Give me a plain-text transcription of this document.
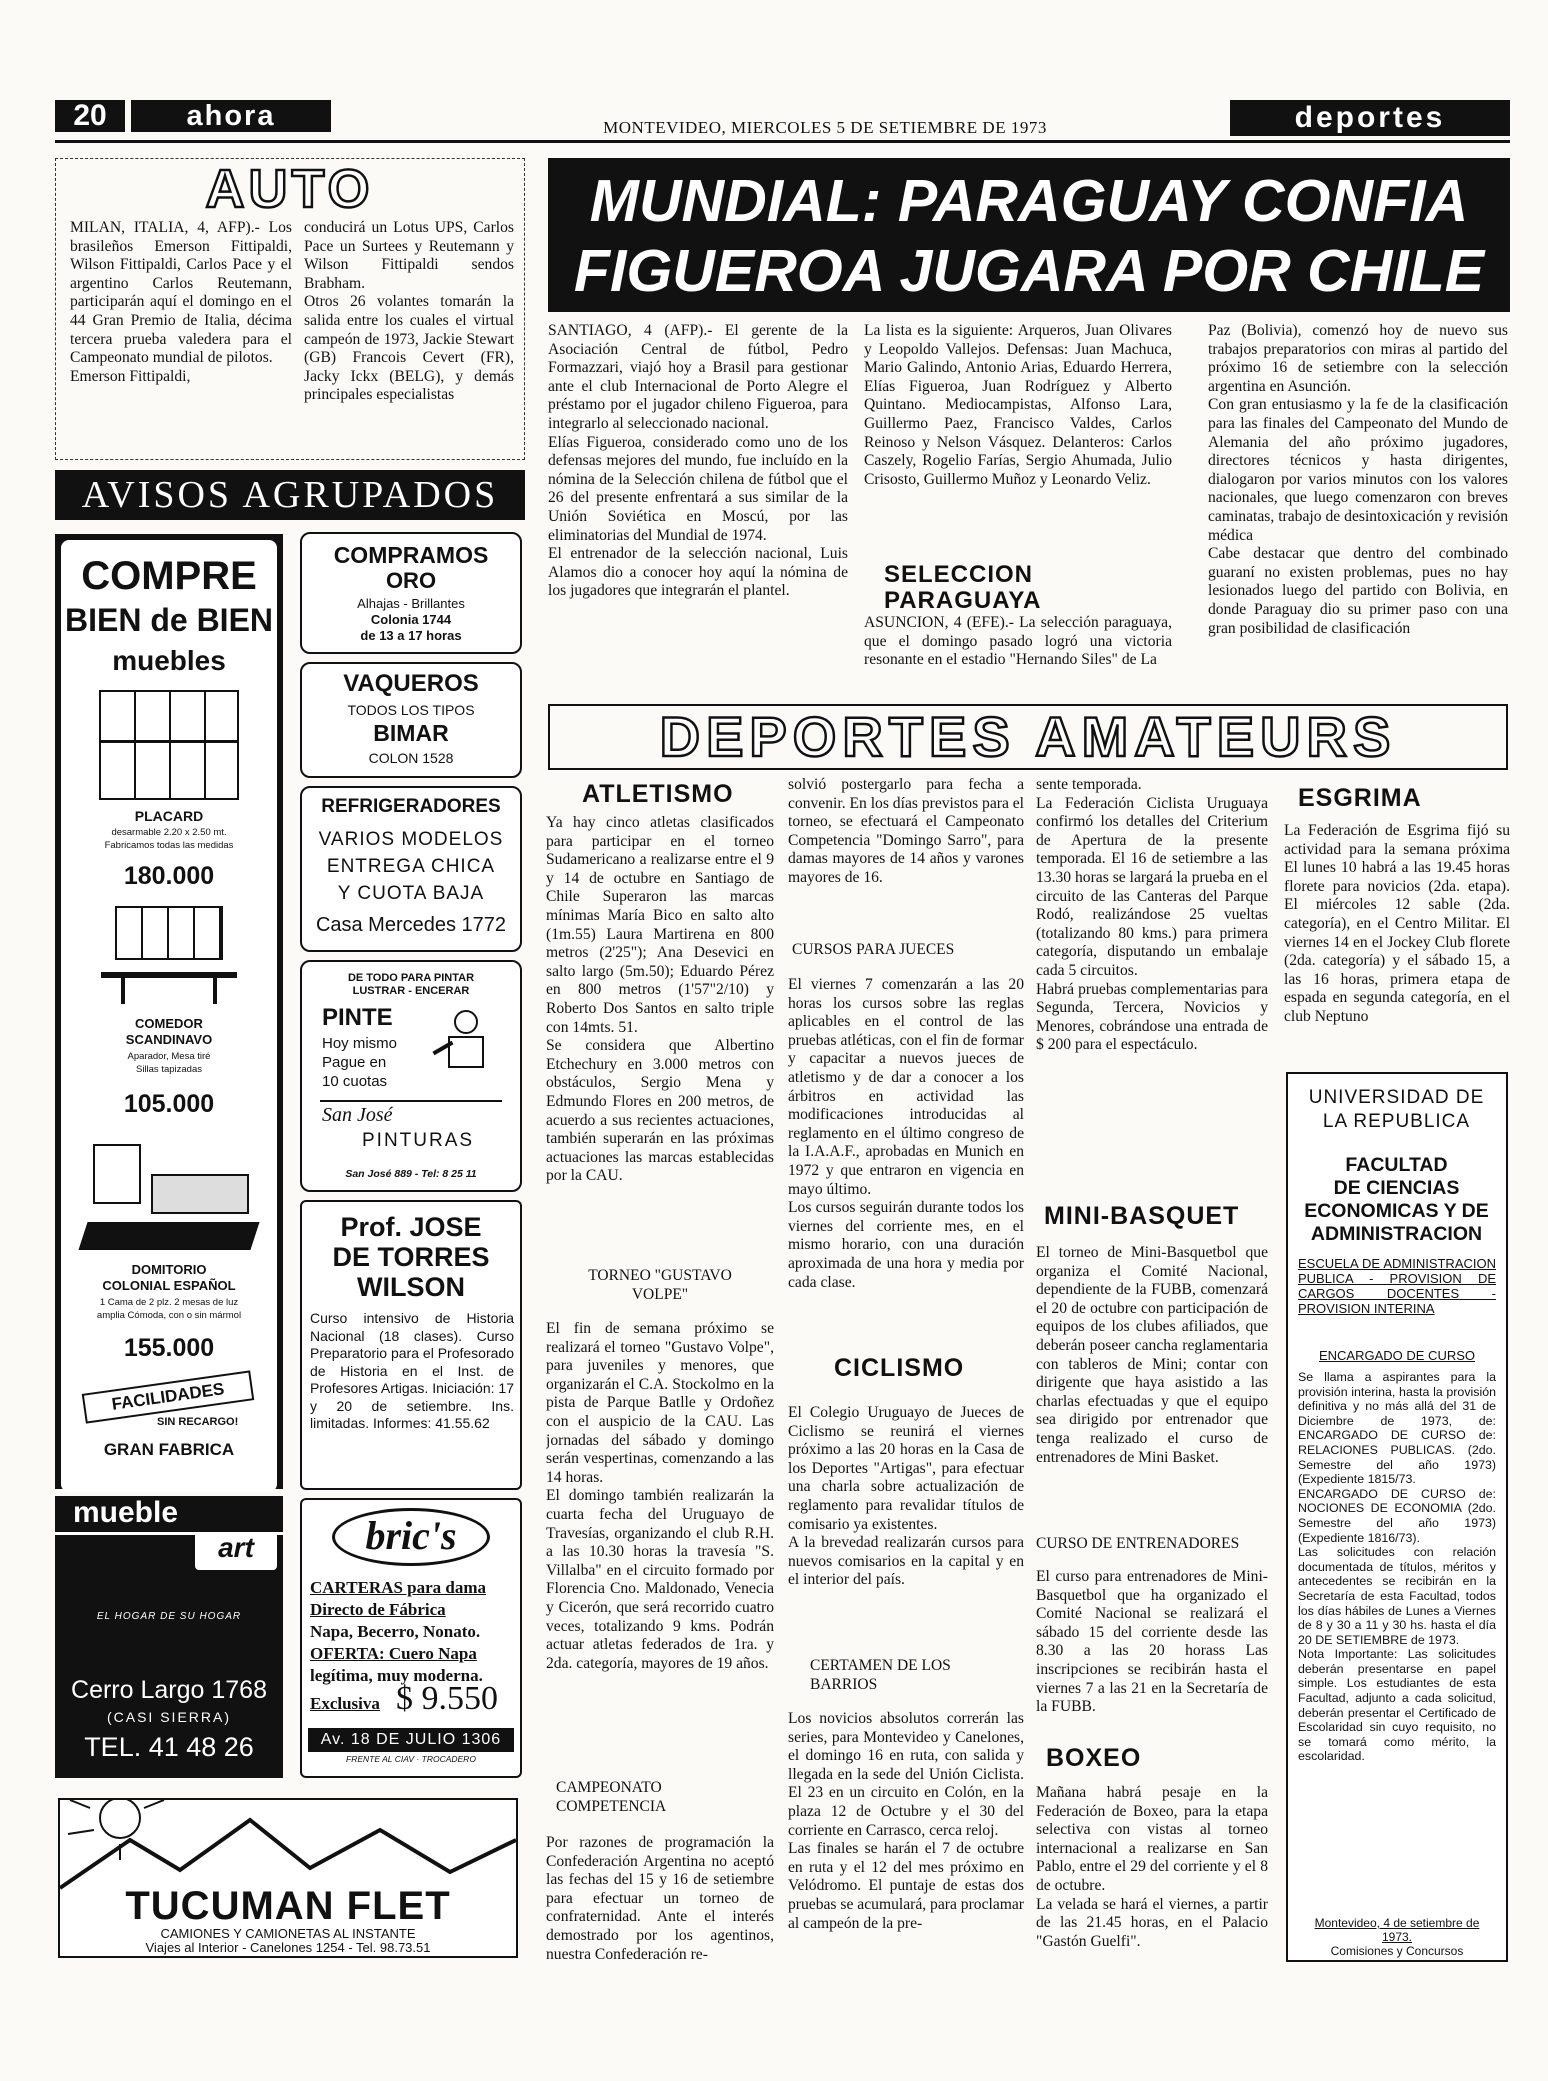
20	ahora	MONTEVIDEO, MIERCOLES 5 DE SETIEMBRE DE 1973	deportes
AUTO
MILAN, ITALIA, 4, AFP).- Los brasileños Emerson Fittipaldi, Wilson Fittipaldi, Carlos Pace y el argentino Carlos Reutemann, participarán aquí el domingo en el 44 Gran Premio de Italia, décima tercera prueba valedera para el Campeonato mundial de pilotos.
Emerson Fittipaldi,
conducirá un Lotus UPS, Carlos Pace un Surtees y Reutemann y Wilson Fittipaldi sendos Brabham.
Otros 26 volantes tomarán la salida entre los cuales el virtual campeón de 1973, Jackie Stewart (GB) Francois Cevert (FR), Jacky Ickx (BELG), y demás principales especialistas
AVISOS AGRUPADOS
COMPRE
BIEN de BIEN
muebles
PLACARD
desarmable 2.20 x 2.50 mt.
Fabricamos todas las medidas
180.000
COMEDOR
SCANDINAVO
Aparador, Mesa tiré
Sillas tapizadas
105.000
DOMITORIO
COLONIAL ESPAÑOL
1 Cama de 2 plz. 2 mesas de luz
amplia Cómoda, con o sin mármol
155.000
FACILIDADES
SIN RECARGO!
GRAN FABRICA
mueble
art
EL HOGAR DE SU HOGAR
Cerro Largo 1768
(CASI SIERRA)
TEL. 41 48 26
COMPRAMOS
ORO
Alhajas - Brillantes
Colonia 1744
de 13 a 17 horas
VAQUEROS
TODOS LOS TIPOS
BIMAR
COLON 1528
REFRIGERADORES
VARIOS MODELOS
ENTREGA CHICA
Y CUOTA BAJA
Casa Mercedes 1772
DE TODO PARA PINTAR
LUSTRAR - ENCERAR
PINTE
Hoy mismo
Pague en
10 cuotas
San José
PINTURAS
San José 889 - Tel: 8 25 11
Prof. JOSE
DE TORRES
WILSON
Curso intensivo de Historia Nacional (18 clases). Curso Preparatorio para el Profesorado de Historia en el Inst. de Profesores Artigas. Iniciación: 17 y 20 de setiembre. Ins. limitadas. Informes: 41.55.62
bric's
CARTERAS para dama
Directo de Fábrica
Napa, Becerro, Nonato.
OFERTA: Cuero Napa
legítima, muy moderna.
Exclusiva $ 9.550
Av. 18 DE JULIO 1306
FRENTE AL CIAV · TROCADERO
TUCUMAN FLET
CAMIONES Y CAMIONETAS AL INSTANTE
Viajes al Interior - Canelones 1254 - Tel. 98.73.51
MUNDIAL: PARAGUAY CONFIA
FIGUEROA JUGARA POR CHILE
SANTIAGO, 4 (AFP).- El gerente de la Asociación Central de fútbol, Pedro Formazzari, viajó hoy a Brasil para gestionar ante el club Internacional de Porto Alegre el préstamo por el jugador chileno Figueroa, para integrarlo al seleccionado nacional.
Elías Figueroa, considerado como uno de los defensas mejores del mundo, fue incluído en la nómina de la Selección chilena de fútbol que el 26 del presente enfrentará a sus similar de la Unión Soviética en Moscú, por las eliminatorias del Mundial de 1974.
El entrenador de la selección nacional, Luis Alamos dio a conocer hoy aquí la nómina de los jugadores que integrarán el plantel.
La lista es la siguiente: Arqueros, Juan Olivares y Leopoldo Vallejos. Defensas: Juan Machuca, Mario Galindo, Antonio Arias, Eduardo Herrera, Elías Figueroa, Juan Rodríguez y Alberto Quintano. Mediocampistas, Alfonso Lara, Guillermo Paez, Francisco Valdes, Carlos Reinoso y Nelson Vásquez. Delanteros: Carlos Caszely, Rogelio Farías, Sergio Ahumada, Julio Crisosto, Guillermo Muñoz y Leonardo Veliz.
SELECCION
PARAGUAYA
ASUNCION, 4 (EFE).- La selección paraguaya, que el domingo pasado logró una victoria resonante en el estadio "Hernando Siles" de La
Paz (Bolivia), comenzó hoy de nuevo sus trabajos preparatorios con miras al partido del próximo 16 de setiembre con la selección argentina en Asunción.
Con gran entusiasmo y la fe de la clasificación para las finales del Campeonato del Mundo de Alemania del año próximo jugadores, directores técnicos y hasta dirigentes, dialogaron por varios minutos con los valores nacionales, que luego comenzaron con breves caminatas, trabajo de desintoxicación y revisión médica
Cabe destacar que dentro del combinado guaraní no existen problemas, pues no hay lesionados luego del partido con Bolivia, en donde Paraguay dio su primer paso con una gran posibilidad de clasificación
DEPORTES AMATEURS
ATLETISMO
Ya hay cinco atletas clasificados para participar en el torneo Sudamericano a realizarse entre el 9 y 14 de octubre en Santiago de Chile Superaron las marcas mínimas María Bico en salto alto (1m.55) Laura Martirena en 800 metros (2'25"); Ana Desevici en salto largo (5m.50); Eduardo Pérez en 800 metros (1'57"2/10) y Roberto Dos Santos en salto triple con 14mts. 51.
Se considera que Albertino Etchechury en 3.000 metros con obstáculos, Sergio Mena y Edmundo Flores en 200 metros, de acuerdo a sus recientes actuaciones, también superarán en las próximas actuaciones las marcas establecidas por la CAU.
TORNEO "GUSTAVO
VOLPE"
El fin de semana próximo se realizará el torneo "Gustavo Volpe", para juveniles y menores, que organizarán el C.A. Stockolmo en la pista de Parque Batlle y Ordoñez con el auspicio de la CAU. Las jornadas del sábado y domingo serán vespertinas, comenzando a las 14 horas.
El domingo también realizarán la cuarta fecha del Uruguayo de Travesías, organizando el club R.H. a las 10.30 horas la travesía "S. Villalba" en el circuito formado por Florencia Cno. Maldonado, Venecia y Cicerón, que será recorrido cuatro veces, totalizando 9 kms. Podrán actuar atletas federados de 1ra. y 2da. categoría, mayores de 19 años.
CAMPEONATO
COMPETENCIA
Por razones de programación la Confederación Argentina no aceptó las fechas del 15 y 16 de setiembre para efectuar un torneo de confraternidad. Ante el interés demostrado por los agentinos, nuestra Confederación re-
solvió postergarlo para fecha a convenir. En los días previstos para el torneo, se efectuará el Campeonato Competencia "Domingo Sarro", para damas mayores de 14 años y varones mayores de 16.
CURSOS PARA JUECES
El viernes 7 comenzarán a las 20 horas los cursos sobre las reglas aplicables en el control de las pruebas atléticas, con el fin de formar y capacitar a nuevos jueces de atletismo y de dar a conocer a los árbitros en actividad las modificaciones introducidas al reglamento en el último congreso de la I.A.A.F., aprobadas en Munich en 1972 y que entraron en vigencia en mayo último.
Los cursos seguirán durante todos los viernes del corriente mes, en el mismo horario, con una duración aproximada de una hora y media por cada clase.
CICLISMO
El Colegio Uruguayo de Jueces de Ciclismo se reunirá el viernes próximo a las 20 horas en la Casa de los Deportes "Artigas", para efectuar una charla sobre actualización de reglamento para revalidar títulos de comisario ya existentes.
A la brevedad realizarán cursos para nuevos comisarios en la capital y en el interior del país.
CERTAMEN DE LOS
BARRIOS
Los novicios absolutos correrán las series, para Montevideo y Canelones, el domingo 16 en ruta, con salida y llegada en la sede del Unión Ciclista. El 23 en un circuito en Colón, en la plaza 12 de Octubre y el 30 del corriente en Carrasco, cerca reloj.
Las finales se harán el 7 de octubre en ruta y el 12 del mes próximo en Velódromo. El puntaje de estas dos pruebas se acumulará, para proclamar al campeón de la pre-
sente temporada.
La Federación Ciclista Uruguaya confirmó los detalles del Criterium de Apertura de la presente temporada. El 16 de setiembre a las 13.30 horas se largará la prueba en el circuito de las Canteras del Parque Rodó, realizándose 25 vueltas (totalizando 80 kms.) para primera categoría, disputando un embalaje cada 5 circuitos.
Habrá pruebas complementarias para Segunda, Tercera, Novicios y Menores, cobrándose una entrada de $ 200 para el espectáculo.
MINI-BASQUET
El torneo de Mini-Basquetbol que organiza el Comité Nacional, dependiente de la FUBB, comenzará el 20 de octubre con participación de equipos de los clubes afiliados, que deberán poseer cancha reglamentaria con tableros de Mini; contar con dirigente que haya asistido a las charlas efectuadas y que el equipo sea dirigido por entrenador que tenga realizado el curso de entrenadores de Mini Basket.
CURSO DE ENTRENADORES
El curso para entrenadores de Mini-Basquetbol que ha organizado el Comité Nacional se realizará el sábado 15 del corriente desde las 8.30 a las 20 horass Las inscripciones se recibirán hasta el viernes 7 a las 21 en la Secretaría de la FUBB.
BOXEO
Mañana habrá pesaje en la Federación de Boxeo, para la etapa selectiva con vistas al torneo internacional a realizarse en San Pablo, entre el 29 del corriente y el 8 de octubre.
La velada se hará el viernes, a partir de las 21.45 horas, en el Palacio "Gastón Guelfi".
ESGRIMA
La Federación de Esgrima fijó su actividad para la semana próxima El lunes 10 habrá a las 19.45 horas florete para novicios (2da. etapa). El miércoles 12 sable (2da. categoría), en el Centro Militar. El viernes 14 en el Jockey Club florete (2da. categoría) y el sábado 15, a las 16 horas, primera etapa de espada en segunda categoría, en el club Neptuno
UNIVERSIDAD DE
LA REPUBLICA
FACULTAD
DE CIENCIAS
ECONOMICAS Y DE
ADMINISTRACION
ESCUELA DE ADMINISTRACION PUBLICA - PROVISION DE CARGOS DOCENTES - PROVISION INTERINA
ENCARGADO DE CURSO
Se llama a aspirantes para la provisión interina, hasta la provisión definitiva y no más allá del 31 de Diciembre de 1973, de: ENCARGADO DE CURSO de: RELACIONES PUBLICAS. (2do. Semestre del año 1973) (Expediente 1815/73.
ENCARGADO DE CURSO de: NOCIONES DE ECONOMIA (2do. Semestre del año 1973) (Expediente 1816/73).
Las solicitudes con relación documentada de títulos, méritos y antecedentes se recibirán en la Secretaría de esta Facultad, todos los días hábiles de Lunes a Viernes de 8 y 30 a 11 y 30 hs. hasta el día 20 DE SETIEMBRE de 1973.
Nota Importante: Las solicitudes deberán presentarse en papel simple. Los estudiantes de esta Facultad, adjunto a cada solicitud, deberán presentar el Certificado de Escolaridad sin cuyo requisito, no se tomará como mérito, la escolaridad.
Montevideo, 4 de setiembre de 1973.
Comisiones y Concursos
